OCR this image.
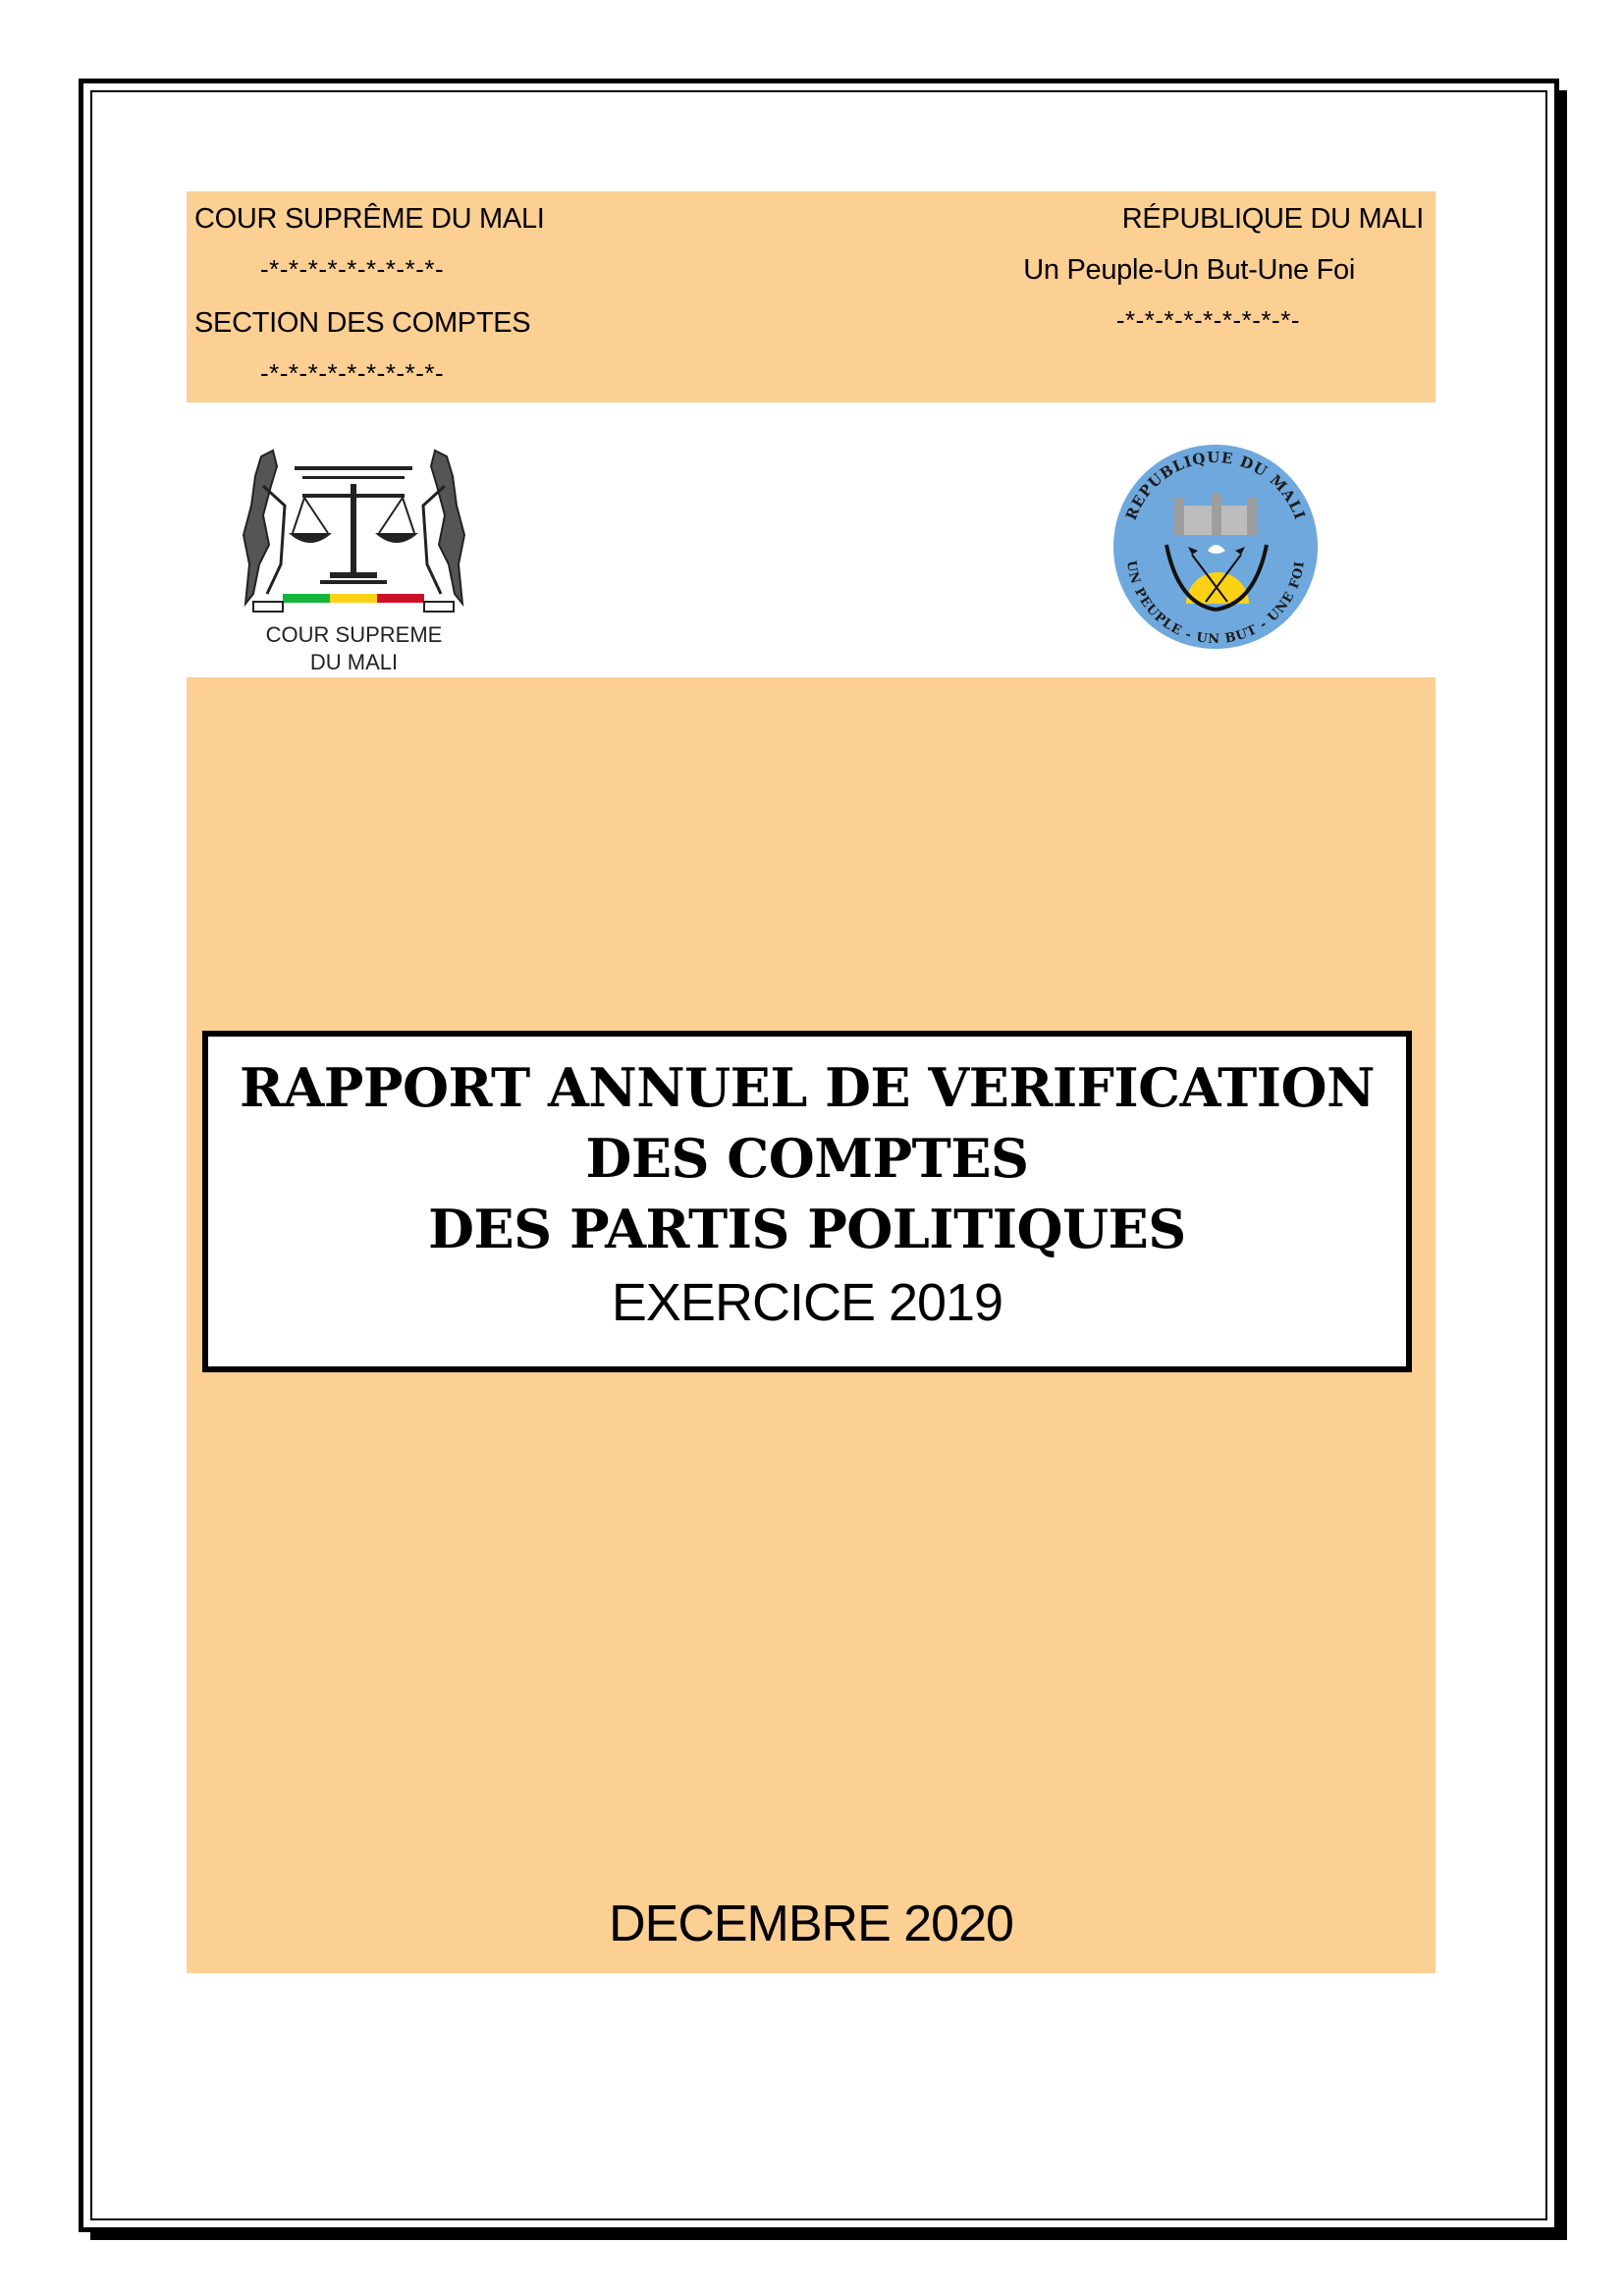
COUR SUPRÊME DU MALI
-*-*-*-*-*-*-*-*-*-
SECTION DES COMPTES
-*-*-*-*-*-*-*-*-*-
RÉPUBLIQUE DU MALI
Un Peuple-Un But-Une Foi
-*-*-*-*-*-*-*-*-*-
COUR SUPREME
DU MALI
REPUBLIQUE DU MALI
UN PEUPLE - UN BUT - UNE FOI
RAPPORT ANNUEL DE VERIFICATION
DES COMPTES
DES PARTIS POLITIQUES
EXERCICE 2019
DECEMBRE 2020
